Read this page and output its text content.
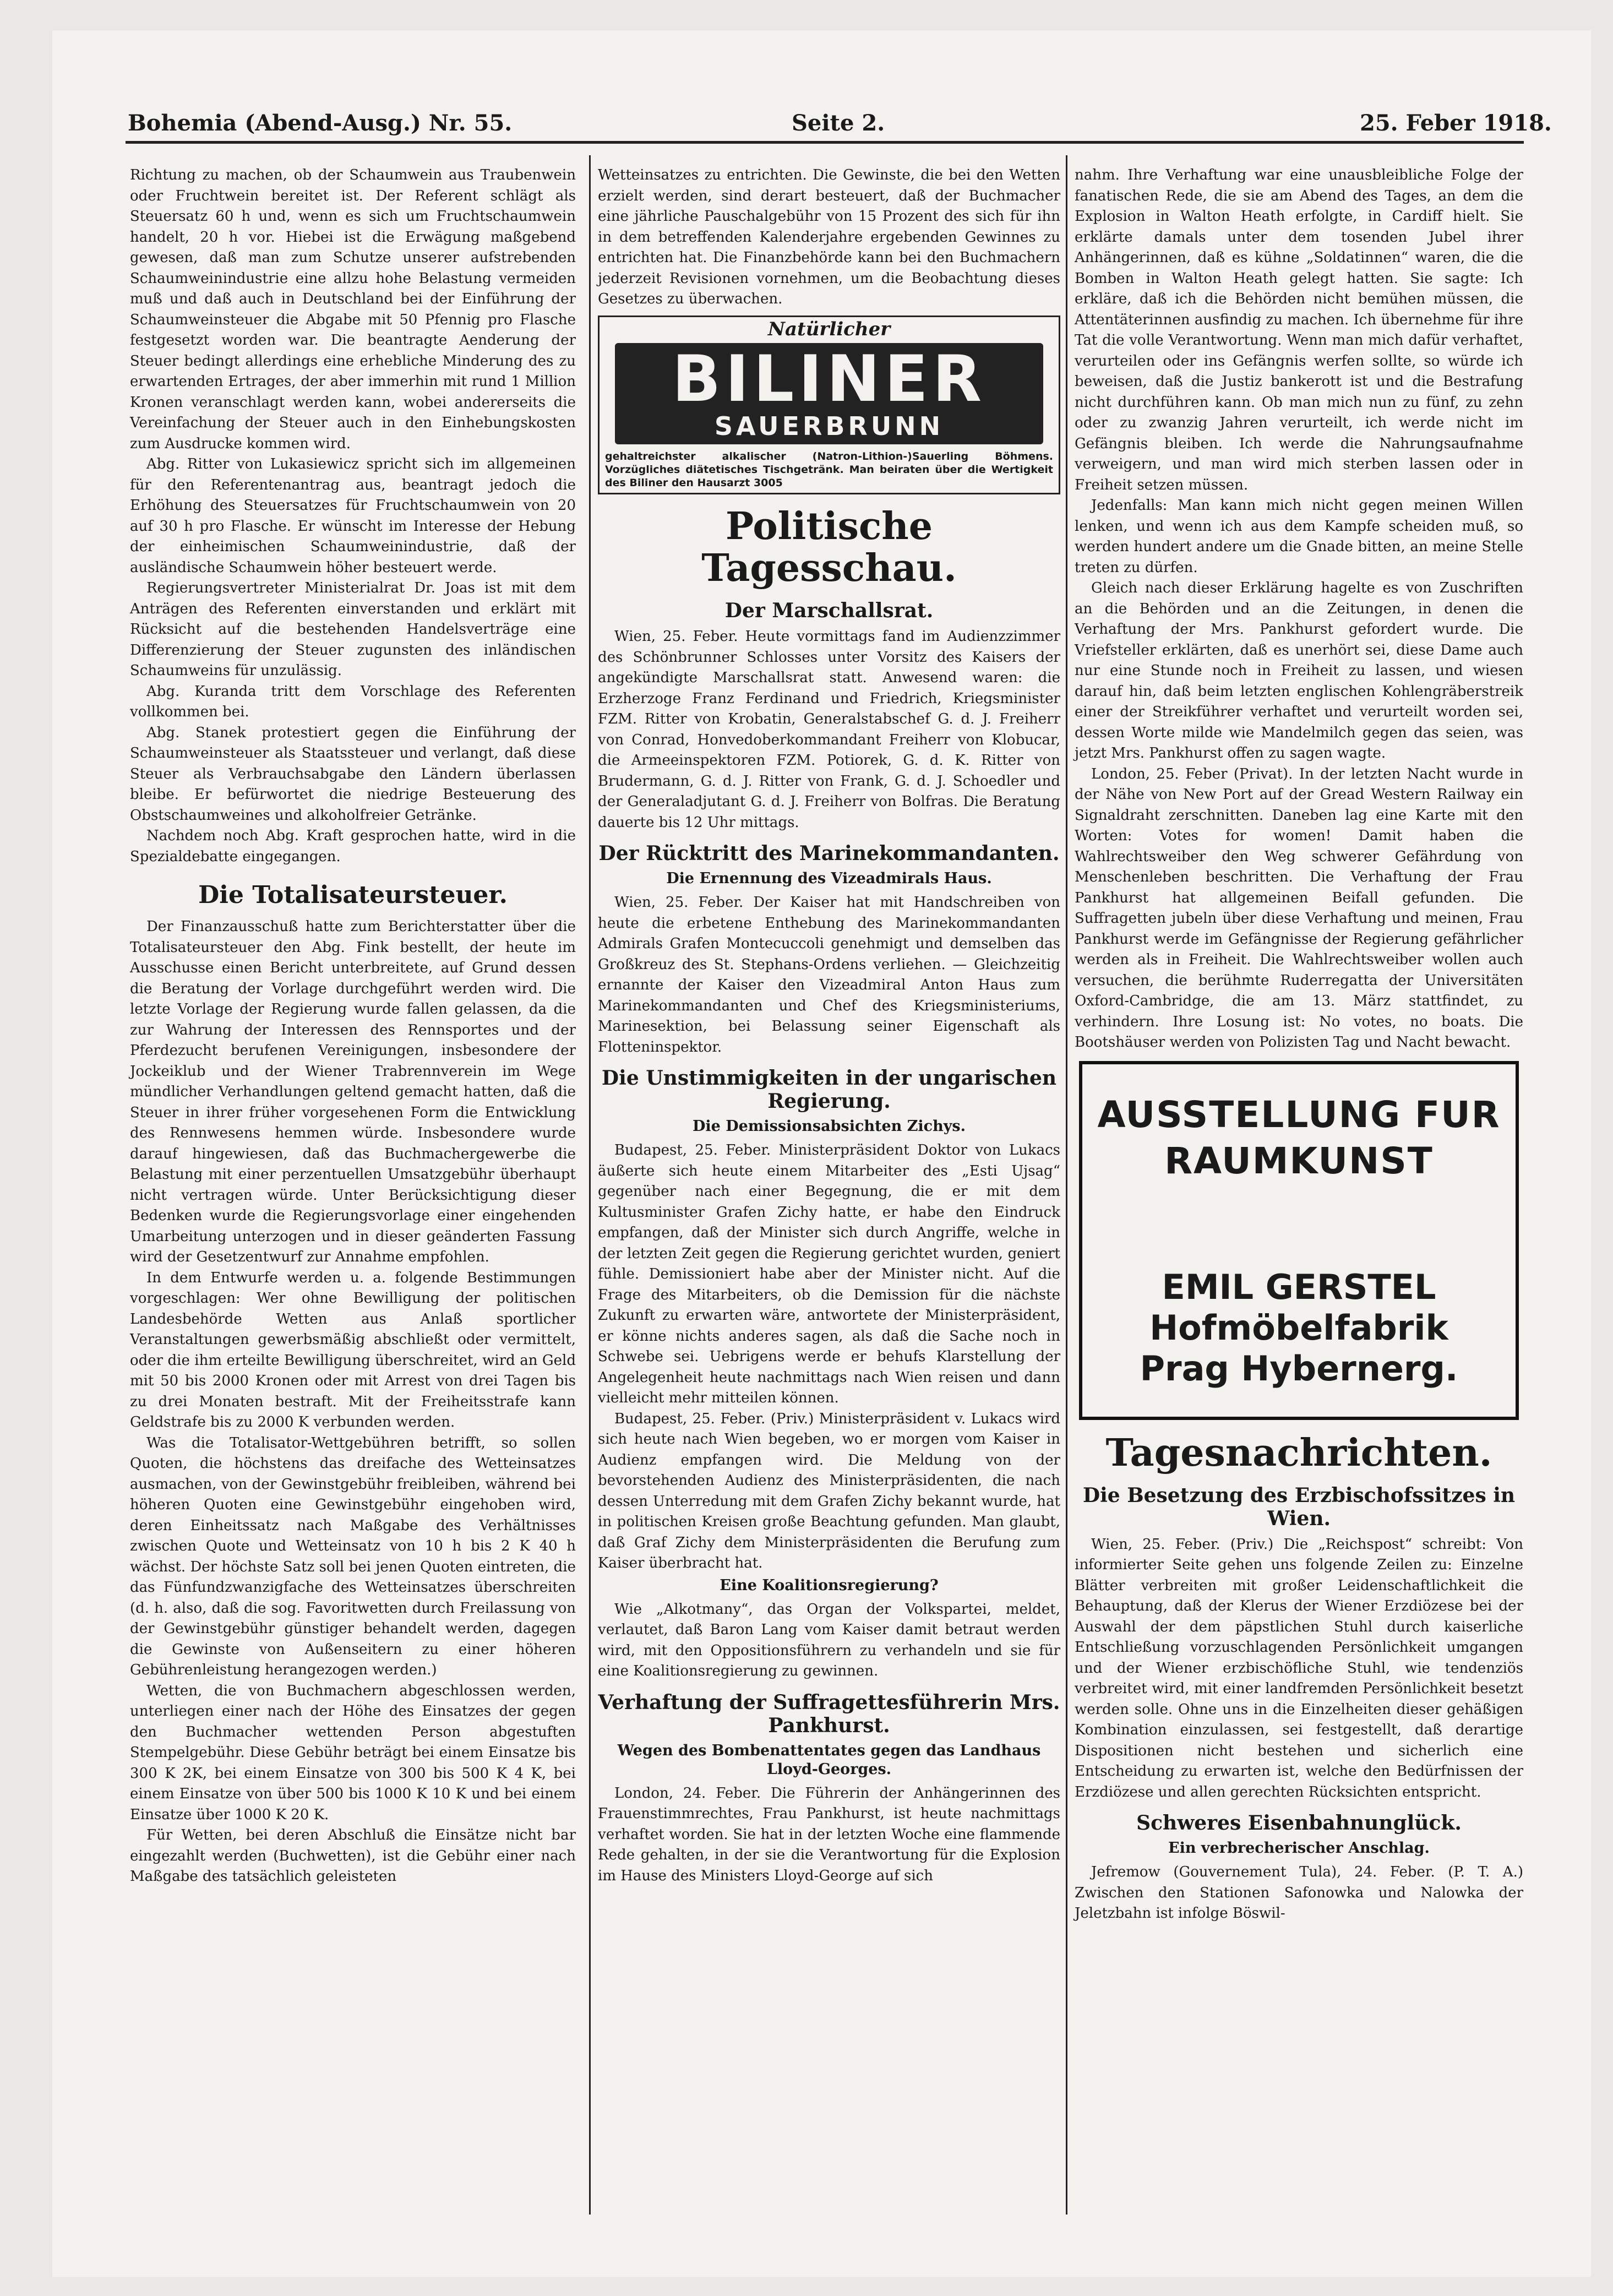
Bohemia (Abend-Ausg.) Nr. 55.	Seite 2.	25. Feber 1918.

Richtung zu machen, ob der Schaumwein aus Traubenwein oder Fruchtwein bereitet ist. Der Referent schlägt als Steuersatz 60 h und, wenn es sich um Fruchtschaumwein handelt, 20 h vor. Hiebei ist die Erwägung maßgebend gewesen, daß man zum Schutze unserer aufstrebenden Schaumweinindustrie eine allzu hohe Belastung vermeiden muß und daß auch in Deutschland bei der Einführung der Schaumweinsteuer die Abgabe mit 50 Pfennig pro Flasche festgesetzt worden war. Die beantragte Aenderung der Steuer bedingt allerdings eine erhebliche Minderung des zu erwartenden Ertrages, der aber immerhin mit rund 1 Million Kronen veranschlagt werden kann, wobei andererseits die Vereinfachung der Steuer auch in den Einhebungskosten zum Ausdrucke kommen wird.

Abg. Ritter von Lukasiewicz spricht sich im allgemeinen für den Referentenantrag aus, beantragt jedoch die Erhöhung des Steuersatzes für Fruchtschaumwein von 20 auf 30 h pro Flasche. Er wünscht im Interesse der Hebung der einheimischen Schaumweinindustrie, daß der ausländische Schaumwein höher besteuert werde.

Regierungsvertreter Ministerialrat Dr. Joas ist mit dem Anträgen des Referenten einverstanden und erklärt mit Rücksicht auf die bestehenden Handelsverträge eine Differenzierung der Steuer zugunsten des inländischen Schaumweins für unzulässig.

Abg. Kuranda tritt dem Vorschlage des Referenten vollkommen bei.

Abg. Stanek protestiert gegen die Einführung der Schaumweinsteuer als Staatssteuer und verlangt, daß diese Steuer als Verbrauchsabgabe den Ländern überlassen bleibe. Er befürwortet die niedrige Besteuerung des Obstschaumweines und alkoholfreier Getränke.

Nachdem noch Abg. Kraft gesprochen hatte, wird in die Spezialdebatte eingegangen.

Die Totalisateursteuer.

Der Finanzausschuß hatte zum Berichterstatter über die Totalisateursteuer den Abg. Fink bestellt, der heute im Ausschusse einen Bericht unterbreitete, auf Grund dessen die Beratung der Vorlage durchgeführt werden wird. Die letzte Vorlage der Regierung wurde fallen gelassen, da die zur Wahrung der Interessen des Rennsportes und der Pferdezucht berufenen Vereinigungen, insbesondere der Jockeiklub und der Wiener Trabrennverein im Wege mündlicher Verhandlungen geltend gemacht hatten, daß die Steuer in ihrer früher vorgesehenen Form die Entwicklung des Rennwesens hemmen würde. Insbesondere wurde darauf hingewiesen, daß das Buchmachergewerbe die Belastung mit einer perzentuellen Umsatzgebühr überhaupt nicht vertragen würde. Unter Berücksichtigung dieser Bedenken wurde die Regierungsvorlage einer eingehenden Umarbeitung unterzogen und in dieser geänderten Fassung wird der Gesetzentwurf zur Annahme empfohlen.

In dem Entwurfe werden u. a. folgende Bestimmungen vorgeschlagen: Wer ohne Bewilligung der politischen Landesbehörde Wetten aus Anlaß sportlicher Veranstaltungen gewerbsmäßig abschließt oder vermittelt, oder die ihm erteilte Bewilligung überschreitet, wird an Geld mit 50 bis 2000 Kronen oder mit Arrest von drei Tagen bis zu drei Monaten bestraft. Mit der Freiheitsstrafe kann Geldstrafe bis zu 2000 K verbunden werden.

Was die Totalisator-Wettgebühren betrifft, so sollen Quoten, die höchstens das dreifache des Wetteinsatzes ausmachen, von der Gewinstgebühr freibleiben, während bei höheren Quoten eine Gewinstgebühr eingehoben wird, deren Einheitssatz nach Maßgabe des Verhältnisses zwischen Quote und Wetteinsatz von 10 h bis 2 K 40 h wächst. Der höchste Satz soll bei jenen Quoten eintreten, die das Fünfundzwanzigfache des Wetteinsatzes überschreiten (d. h. also, daß die sog. Favoritwetten durch Freilassung von der Gewinstgebühr günstiger behandelt werden, dagegen die Gewinste von Außenseitern zu einer höheren Gebührenleistung herangezogen werden.)

Wetten, die von Buchmachern abgeschlossen werden, unterliegen einer nach der Höhe des Einsatzes der gegen den Buchmacher wettenden Person abgestuften Stempelgebühr. Diese Gebühr beträgt bei einem Einsatze bis 300 K 2K, bei einem Einsatze von 300 bis 500 K 4 K, bei einem Einsatze von über 500 bis 1000 K 10 K und bei einem Einsatze über 1000 K 20 K.

Für Wetten, bei deren Abschluß die Einsätze nicht bar eingezahlt werden (Buchwetten), ist die Gebühr einer nach Maßgabe des tatsächlich geleisteten

Wetteinsatzes zu entrichten. Die Gewinste, die bei den Wetten erzielt werden, sind derart besteuert, daß der Buchmacher eine jährliche Pauschalgebühr von 15 Prozent des sich für ihn in dem betreffenden Kalenderjahre ergebenden Gewinnes zu entrichten hat. Die Finanzbehörde kann bei den Buchmachern jederzeit Revisionen vornehmen, um die Beobachtung dieses Gesetzes zu überwachen.

Natürlicher
BILINER
SAUERBRUNN
gehaltreichster alkalischer (Natron-Lithion-)Sauerling Böhmens. Vorzügliches diätetisches Tischgetränk. Man beiraten über die Wertigkeit des Biliner den Hausarzt 3005
Politische Tagesschau.
Der Marschallsrat.

Wien, 25. Feber. Heute vormittags fand im Audienzzimmer des Schönbrunner Schlosses unter Vorsitz des Kaisers der angekündigte Marschallsrat statt. Anwesend waren: die Erzherzoge Franz Ferdinand und Friedrich, Kriegsminister FZM. Ritter von Krobatin, Generalstabschef G. d. J. Freiherr von Conrad, Honvedoberkommandant Freiherr von Klobucar, die Armeeinspektoren FZM. Potiorek, G. d. K. Ritter von Brudermann, G. d. J. Ritter von Frank, G. d. J. Schoedler und der Generaladjutant G. d. J. Freiherr von Bolfras. Die Beratung dauerte bis 12 Uhr mittags.

Der Rücktritt des Marinekommandanten.
Die Ernennung des Vizeadmirals Haus.

Wien, 25. Feber. Der Kaiser hat mit Handschreiben von heute die erbetene Enthebung des Marinekommandanten Admirals Grafen Montecuccoli genehmigt und demselben das Großkreuz des St. Stephans-Ordens verliehen. — Gleichzeitig ernannte der Kaiser den Vizeadmiral Anton Haus zum Marinekommandanten und Chef des Kriegsministeriums, Marinesektion, bei Belassung seiner Eigenschaft als Flotteninspektor.

Die Unstimmigkeiten in der ungarischen Regierung.
Die Demissionsabsichten Zichys.

Budapest, 25. Feber. Ministerpräsident Doktor von Lukacs äußerte sich heute einem Mitarbeiter des „Esti Ujsag“ gegenüber nach einer Begegnung, die er mit dem Kultusminister Grafen Zichy hatte, er habe den Eindruck empfangen, daß der Minister sich durch Angriffe, welche in der letzten Zeit gegen die Regierung gerichtet wurden, geniert fühle. Demissioniert habe aber der Minister nicht. Auf die Frage des Mitarbeiters, ob die Demission für die nächste Zukunft zu erwarten wäre, antwortete der Ministerpräsident, er könne nichts anderes sagen, als daß die Sache noch in Schwebe sei. Uebrigens werde er behufs Klarstellung der Angelegenheit heute nachmittags nach Wien reisen und dann vielleicht mehr mitteilen können.

Budapest, 25. Feber. (Priv.) Ministerpräsident v. Lukacs wird sich heute nach Wien begeben, wo er morgen vom Kaiser in Audienz empfangen wird. Die Meldung von der bevorstehenden Audienz des Ministerpräsidenten, die nach dessen Unterredung mit dem Grafen Zichy bekannt wurde, hat in politischen Kreisen große Beachtung gefunden. Man glaubt, daß Graf Zichy dem Ministerpräsidenten die Berufung zum Kaiser überbracht hat.

Eine Koalitionsregierung?

Wie „Alkotmany“, das Organ der Volkspartei, meldet, verlautet, daß Baron Lang vom Kaiser damit betraut werden wird, mit den Oppositionsführern zu verhandeln und sie für eine Koalitionsregierung zu gewinnen.

Verhaftung der Suffragettesführerin Mrs. Pankhurst.
Wegen des Bombenattentates gegen das Landhaus Lloyd-Georges.

London, 24. Feber. Die Führerin der Anhängerinnen des Frauenstimmrechtes, Frau Pankhurst, ist heute nachmittags verhaftet worden. Sie hat in der letzten Woche eine flammende Rede gehalten, in der sie die Verantwortung für die Explosion im Hause des Ministers Lloyd-George auf sich

nahm. Ihre Verhaftung war eine unausbleibliche Folge der fanatischen Rede, die sie am Abend des Tages, an dem die Explosion in Walton Heath erfolgte, in Cardiff hielt. Sie erklärte damals unter dem tosenden Jubel ihrer Anhängerinnen, daß es kühne „Soldatinnen“ waren, die die Bomben in Walton Heath gelegt hatten. Sie sagte: Ich erkläre, daß ich die Behörden nicht bemühen müssen, die Attentäterinnen ausfindig zu machen. Ich übernehme für ihre Tat die volle Verantwortung. Wenn man mich dafür verhaftet, verurteilen oder ins Gefängnis werfen sollte, so würde ich beweisen, daß die Justiz bankerott ist und die Bestrafung nicht durchführen kann. Ob man mich nun zu fünf, zu zehn oder zu zwanzig Jahren verurteilt, ich werde nicht im Gefängnis bleiben. Ich werde die Nahrungsaufnahme verweigern, und man wird mich sterben lassen oder in Freiheit setzen müssen.

Jedenfalls: Man kann mich nicht gegen meinen Willen lenken, und wenn ich aus dem Kampfe scheiden muß, so werden hundert andere um die Gnade bitten, an meine Stelle treten zu dürfen.

Gleich nach dieser Erklärung hagelte es von Zuschriften an die Behörden und an die Zeitungen, in denen die Verhaftung der Mrs. Pankhurst gefordert wurde. Die Vriefsteller erklärten, daß es unerhört sei, diese Dame auch nur eine Stunde noch in Freiheit zu lassen, und wiesen darauf hin, daß beim letzten englischen Kohlengräberstreik einer der Streikführer verhaftet und verurteilt worden sei, dessen Worte milde wie Mandelmilch gegen das seien, was jetzt Mrs. Pankhurst offen zu sagen wagte.

London, 25. Feber (Privat). In der letzten Nacht wurde in der Nähe von New Port auf der Gread Western Railway ein Signaldraht zerschnitten. Daneben lag eine Karte mit den Worten: Votes for women! Damit haben die Wahlrechtsweiber den Weg schwerer Gefährdung von Menschenleben beschritten. Die Verhaftung der Frau Pankhurst hat allgemeinen Beifall gefunden. Die Suffragetten jubeln über diese Verhaftung und meinen, Frau Pankhurst werde im Gefängnisse der Regierung gefährlicher werden als in Freiheit. Die Wahlrechtsweiber wollen auch versuchen, die berühmte Ruderregatta der Universitäten Oxford-Cambridge, die am 13. März stattfindet, zu verhindern. Ihre Losung ist: No votes, no boats. Die Bootshäuser werden von Polizisten Tag und Nacht bewacht.

AUSSTELLUNG FUR
RAUMKUNST
EMIL GERSTEL
Hofmöbelfabrik
Prag Hybernerg.
Tagesnachrichten.
Die Besetzung des Erzbischofssitzes in Wien.

Wien, 25. Feber. (Priv.) Die „Reichspost“ schreibt: Von informierter Seite gehen uns folgende Zeilen zu: Einzelne Blätter verbreiten mit großer Leidenschaftlichkeit die Behauptung, daß der Klerus der Wiener Erzdiözese bei der Auswahl der dem päpstlichen Stuhl durch kaiserliche Entschließung vorzuschlagenden Persönlichkeit umgangen und der Wiener erzbischöfliche Stuhl, wie tendenziös verbreitet wird, mit einer landfremden Persönlichkeit besetzt werden solle. Ohne uns in die Einzelheiten dieser gehäßigen Kombination einzulassen, sei festgestellt, daß derartige Dispositionen nicht bestehen und sicherlich eine Entscheidung zu erwarten ist, welche den Bedürfnissen der Erzdiözese und allen gerechten Rücksichten entspricht.

Schweres Eisenbahnunglück.
Ein verbrecherischer Anschlag.

Jefremow (Gouvernement Tula), 24. Feber. (P. T. A.) Zwischen den Stationen Safonowka und Nalowka der Jeletzbahn ist infolge Böswil-
